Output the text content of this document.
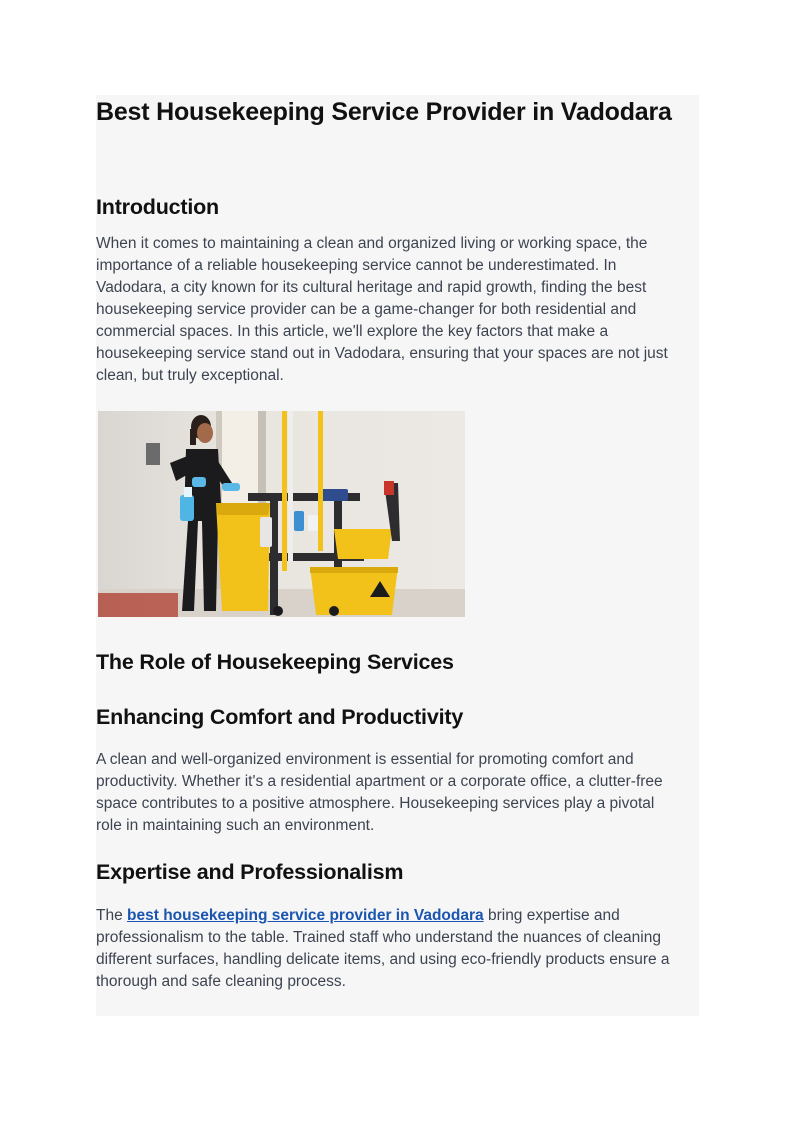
Best Housekeeping Service Provider in Vadodara
Introduction
When it comes to maintaining a clean and organized living or working space, the
importance of a reliable housekeeping service cannot be underestimated. In
Vadodara, a city known for its cultural heritage and rapid growth, finding the best
housekeeping service provider can be a game-changer for both residential and
commercial spaces. In this article, we'll explore the key factors that make a
housekeeping service stand out in Vadodara, ensuring that your spaces are not just
clean, but truly exceptional.
The Role of Housekeeping Services
Enhancing Comfort and Productivity
A clean and well-organized environment is essential for promoting comfort and
productivity. Whether it's a residential apartment or a corporate office, a clutter-free
space contributes to a positive atmosphere. Housekeeping services play a pivotal
role in maintaining such an environment.
Expertise and Professionalism
The best housekeeping service provider in Vadodara bring expertise and
professionalism to the table. Trained staff who understand the nuances of cleaning
different surfaces, handling delicate items, and using eco-friendly products ensure a
thorough and safe cleaning process.
